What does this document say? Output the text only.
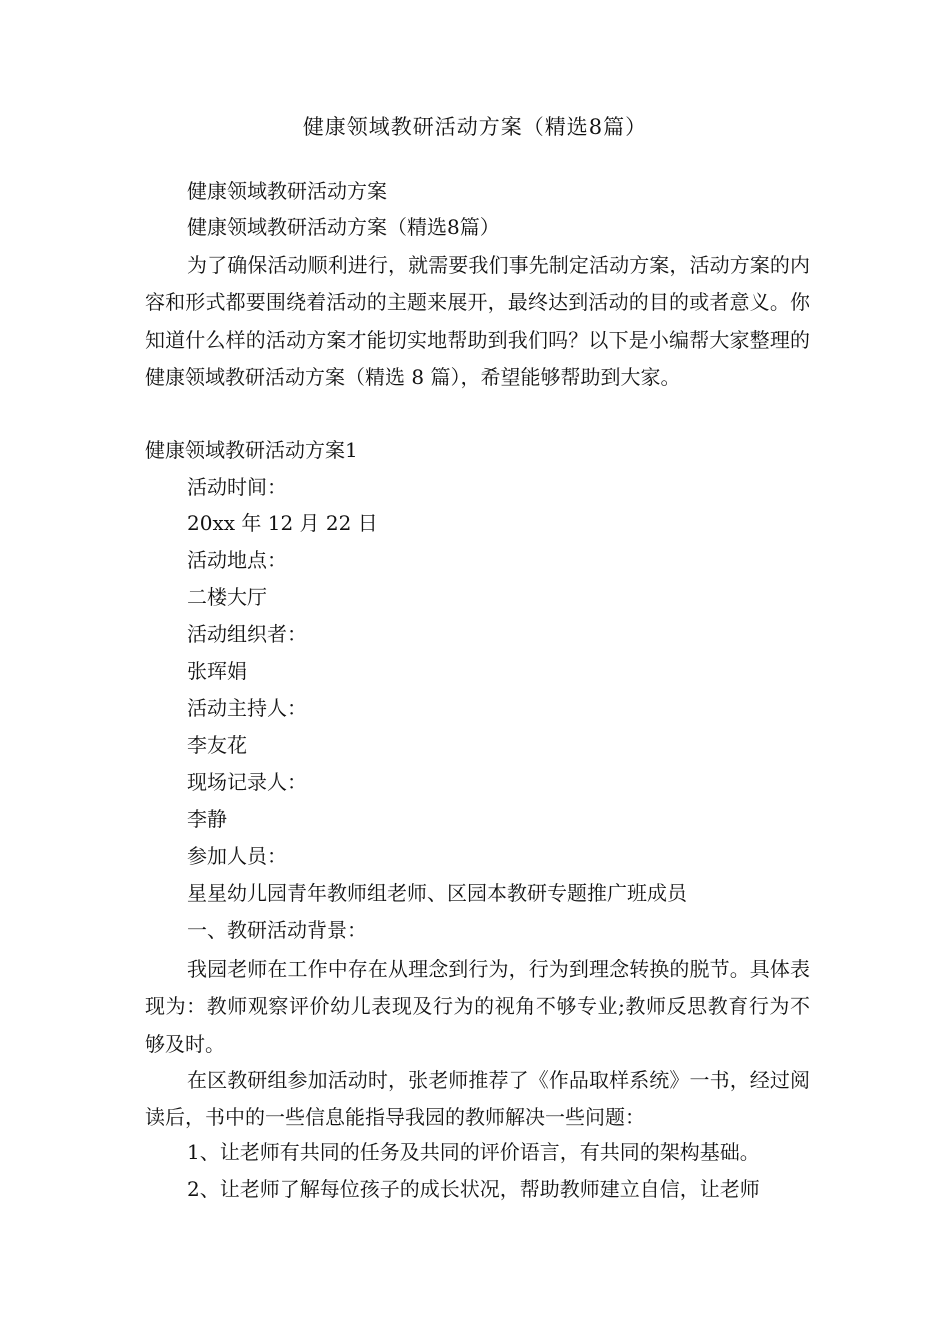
健康领域教研活动方案（精选8篇）
健康领域教研活动方案
健康领域教研活动方案（精选8篇）

为了确保活动顺利进行，就需要我们事先制定活动方案，活动方案的内容和形式都要围绕着活动的主题来展开，最终达到活动的目的或者意义。你知道什么样的活动方案才能切实地帮助到我们吗？以下是小编帮大家整理的健康领域教研活动方案（精选 8 篇），希望能够帮助到大家。

健康领域教研活动方案1
活动时间：
20xx 年 12 月 22 日
活动地点：
二楼大厅
活动组织者：
张珲娟
活动主持人：
李友花
现场记录人：
李静
参加人员：
星星幼儿园青年教师组老师、区园本教研专题推广班成员
一、教研活动背景：

我园老师在工作中存在从理念到行为，行为到理念转换的脱节。具体表现为：教师观察评价幼儿表现及行为的视角不够专业;教师反思教育行为不够及时。

在区教研组参加活动时，张老师推荐了《作品取样系统》一书，经过阅读后，书中的一些信息能指导我园的教师解决一些问题：

1、让老师有共同的任务及共同的评价语言，有共同的架构基础。
2、让老师了解每位孩子的成长状况，帮助教师建立自信，让老师
